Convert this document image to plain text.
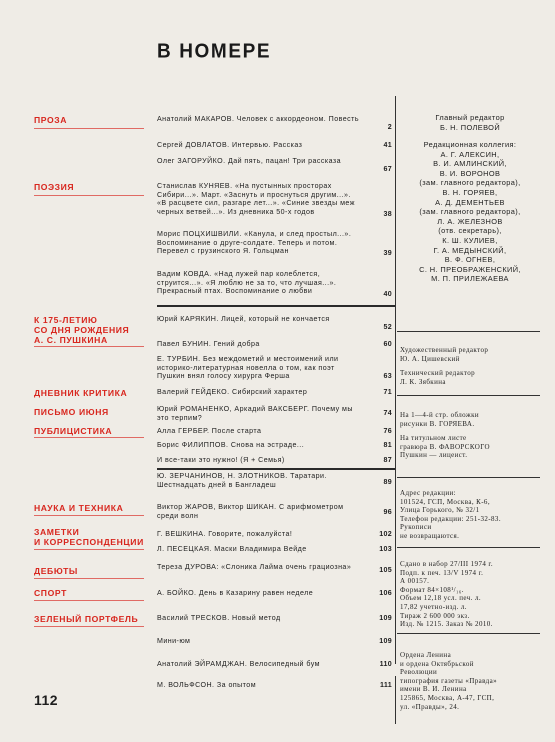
В НОМЕРЕ
ПРОЗА
ПОЭЗИЯ
К 175-ЛЕТИЮ
СО ДНЯ РОЖДЕНИЯ
А. С. ПУШКИНА
ДНЕВНИК КРИТИКА
ПИСЬМО ИЮНЯ
ПУБЛИЦИСТИКА
НАУКА И ТЕХНИКА
ЗАМЕТКИ
И КОРРЕСПОНДЕНЦИИ
ДЕБЮТЫ
СПОРТ
ЗЕЛЕНЫЙ ПОРТФЕЛЬ
Анатолий МАКАРОВ. Человек с аккордеоном. Повесть
2
Сергей ДОВЛАТОВ. Интервью. Рассказ	41
Олег ЗАГОРУЙКО. Дай пять, пацан! Три рассказа
67
Станислав КУНЯЕВ. «На пустынных просторах Сибири...». Март. «Заснуть и проснуться другим...». «В расцвете сил, разгаре лет...». «Синие звезды меж черных ветвей...». Из дневника 50-х годов	38
Морис ПОЦХИШВИЛИ. «Канула, и след простыл...». Воспоминание о друге-солдате. Теперь и потом. Перевел с грузинского Я. Гольцман	39
Вадим КОВДА. «Над лужей пар колеблется, струится...». «Я люблю не за то, что лучшая...». Прекрасный птах. Воспоминание о любви	40
Юрий КАРЯКИН. Лицей, который не кончается
52
Павел БУНИН. Гений добра	60
Е. ТУРБИН. Без междометий и местоимений или историко-литературная новелла о том, как поэт Пушкин внял голосу хирурга Ферша	63
Валерий ГЕЙДЕКО. Сибирский характер	71
Юрий РОМАНЕНКО, Аркадий ВАКСБЕРГ. Почему мы это терпим?
74
Алла ГЕРБЕР. После старта	76
Борис ФИЛИППОВ. Снова на эстраде...	81
И все-таки это нужно! (Я + Семья)	87
Ю. ЗЕРЧАНИНОВ, Н. ЗЛОТНИКОВ. Таратари. Шестнадцать дней в Бангладеш	89
Виктор ЖАРОВ, Виктор ШИКАН. С арифмометром среди волн	96
Г. ВЕШКИНА. Говорите, пожалуйста!	102
Л. ПЕСЕЦКАЯ. Маски Владимира Вейде	103
Тереза ДУРОВА: «Слоника Лайма очень грациозна»	105
А. БОЙКО. День в Казарину равен неделе	106
Василий ТРЕСКОВ. Новый метод	109
Мини-юм	109
Анатолий ЭЙРАМДЖАН. Велосипедный бум	110
М. ВОЛЬФСОН. За опытом	111
Главный редактор
Б. Н. ПОЛЕВОЙ
Редакционная коллегия:
А. Г. АЛЕКСИН,
В. И. АМЛИНСКИЙ,
В. И. ВОРОНОВ
(зам. главного редактора),
В. Н. ГОРЯЕВ,
А. Д. ДЕМЕНТЬЕВ
(зам. главного редактора),
Л. А. ЖЕЛЕЗНОВ
(отв. секретарь),
К. Ш. КУЛИЕВ,
Г. А. МЕДЫНСКИЙ,
В. Ф. ОГНЕВ,
С. Н. ПРЕОБРАЖЕНСКИЙ,
М. П. ПРИЛЕЖАЕВА
Художественный редактор
Ю. А. Цишевский
Технический редактор
Л. К. Зябкина
На 1—4-й стр. обложки
рисунки В. ГОРЯЕВА.
На титульном листе
гравюра В. ФАВОРСКОГО
Пушкин — лицеист.
Адрес редакции:
101524, ГСП, Москва, К-6,
Улица Горького, № 32/1
Телефон редакции: 251-32-83.
Рукописи
не возвращаются.
Сдано в набор 27/III 1974 г.
Подп. к печ. 13/V 1974 г.
А 00157.
Формат 84×108¹/₁₆.
Объем 12,18 усл. печ. л.
17,82 учетно-изд. л.
Тираж 2 600 000 экз.
Изд. № 1215. Заказ № 2010.
Ордена Ленина
и ордена Октябрьской
Революции
типография газеты «Правда»
имени В. И. Ленина
125865, Москва, А-47, ГСП,
ул. «Правды», 24.
112
